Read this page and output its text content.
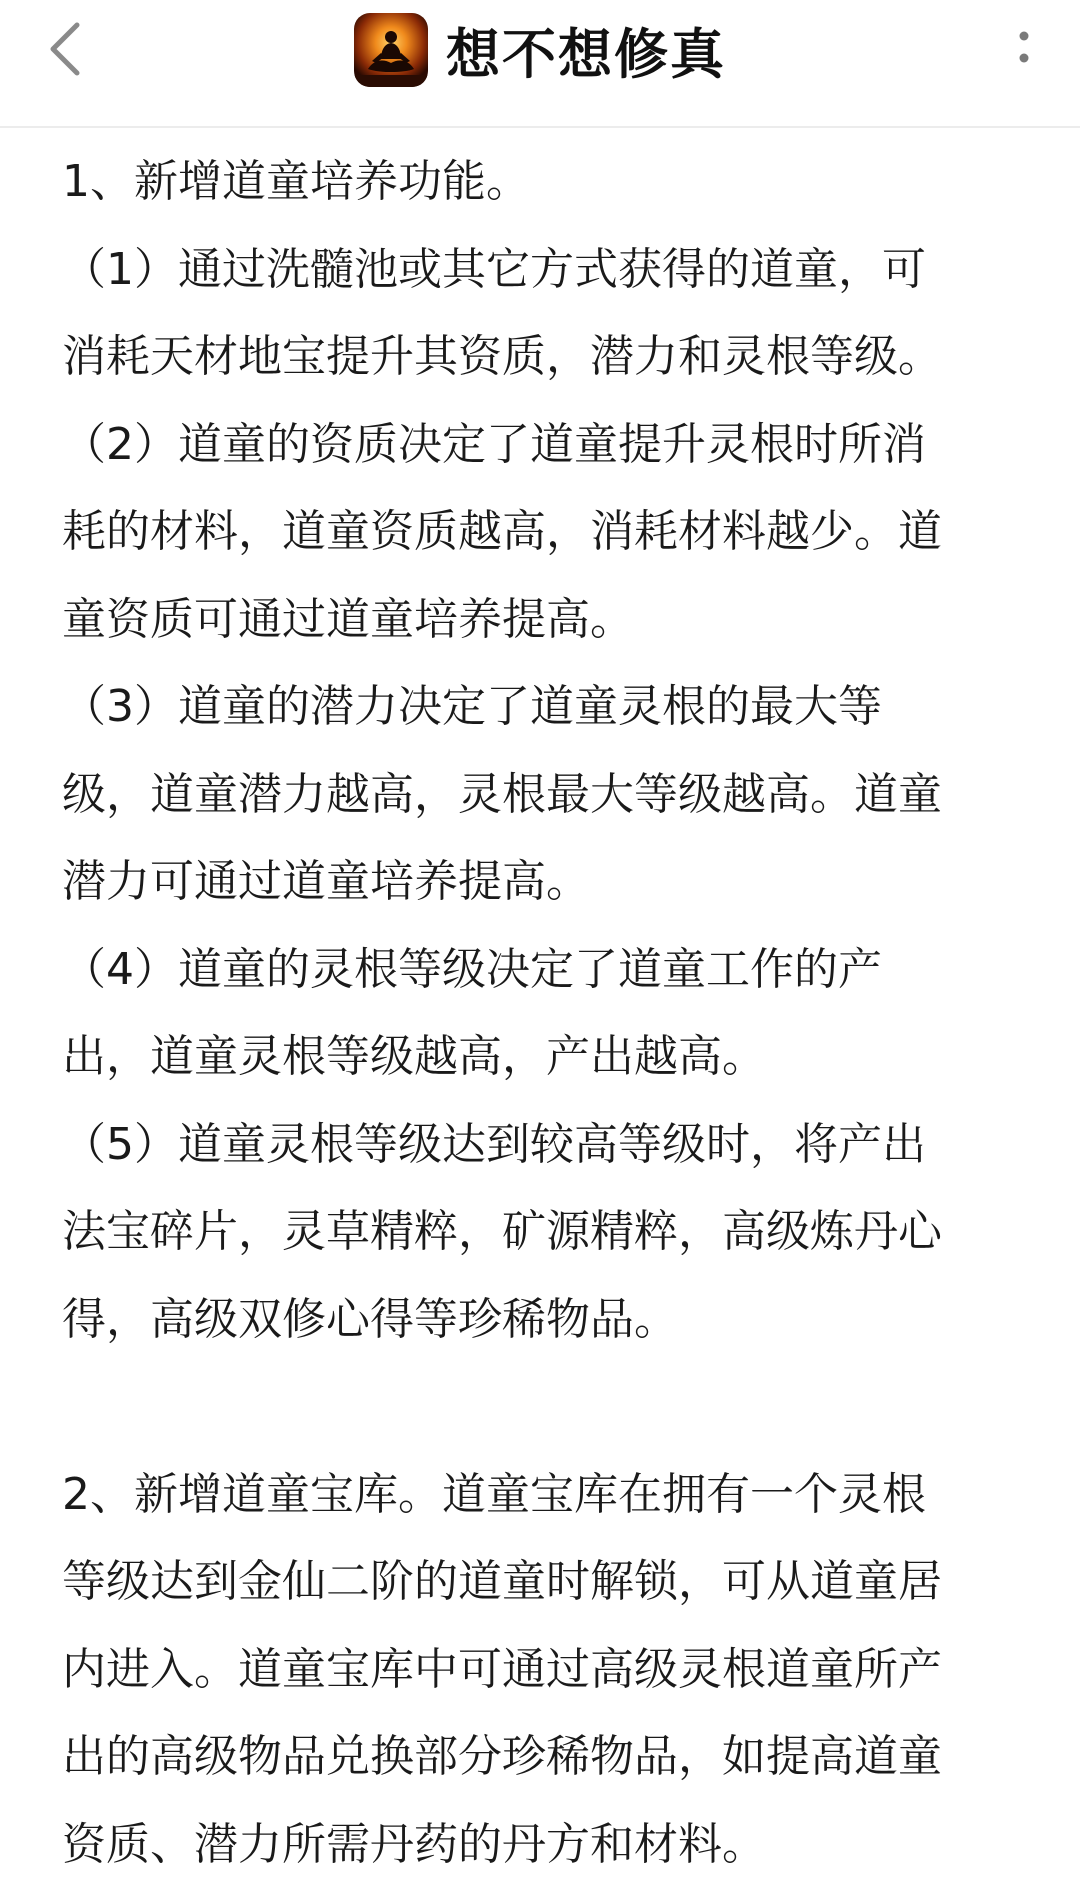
想不想修真
1、新增道童培养功能。
（1）通过洗髓池或其它方式获得的道童，可
消耗天材地宝提升其资质，潜力和灵根等级。
（2）道童的资质决定了道童提升灵根时所消
耗的材料，道童资质越高，消耗材料越少。道
童资质可通过道童培养提高。
（3）道童的潜力决定了道童灵根的最大等
级，道童潜力越高，灵根最大等级越高。道童
潜力可通过道童培养提高。
（4）道童的灵根等级决定了道童工作的产
出，道童灵根等级越高，产出越高。
（5）道童灵根等级达到较高等级时，将产出
法宝碎片，灵草精粹，矿源精粹，高级炼丹心
得，高级双修心得等珍稀物品。
2、新增道童宝库。道童宝库在拥有一个灵根
等级达到金仙二阶的道童时解锁，可从道童居
内进入。道童宝库中可通过高级灵根道童所产
出的高级物品兑换部分珍稀物品，如提高道童
资质、潜力所需丹药的丹方和材料。
